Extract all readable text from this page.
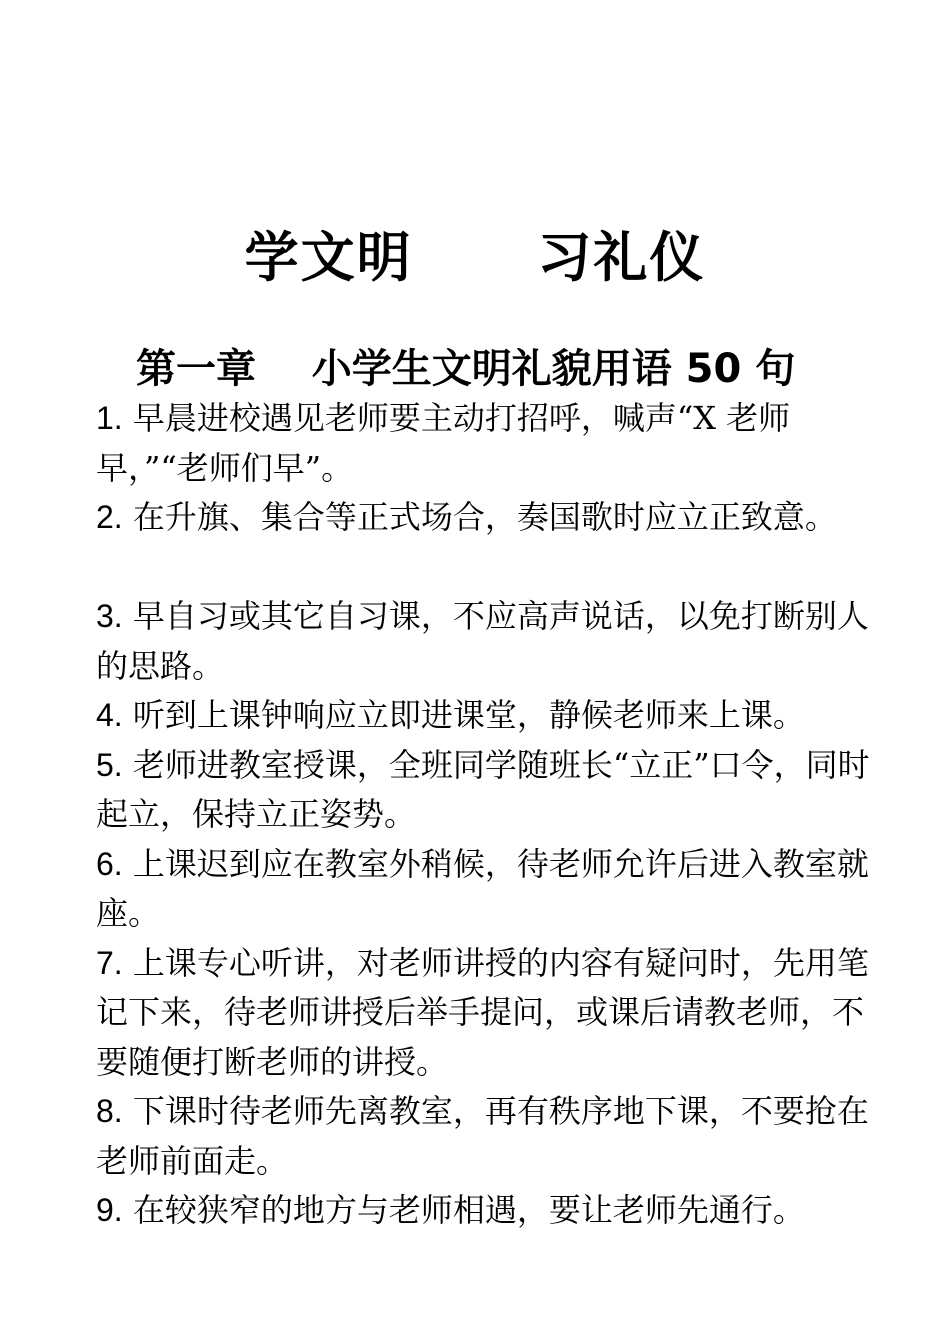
学文明      习礼仪
第一章    小学生文明礼貌用语 50 句

1. 早晨进校遇见老师要主动打招呼，喊声“X 老师早，”“老师们早”。

2. 在升旗、集合等正式场合，奏国歌时应立正致意。

3. 早自习或其它自习课，不应高声说话，以免打断别人的思路。

4. 听到上课钟响应立即进课堂，静候老师来上课。

5. 老师进教室授课，全班同学随班长“立正”口令，同时起立，保持立正姿势。

6. 上课迟到应在教室外稍候，待老师允许后进入教室就座。

7. 上课专心听讲，对老师讲授的内容有疑问时，先用笔记下来，待老师讲授后举手提问，或课后请教老师，不要随便打断老师的讲授。

8. 下课时待老师先离教室，再有秩序地下课，不要抢在老师前面走。

9. 在较狭窄的地方与老师相遇，要让老师先通行。
